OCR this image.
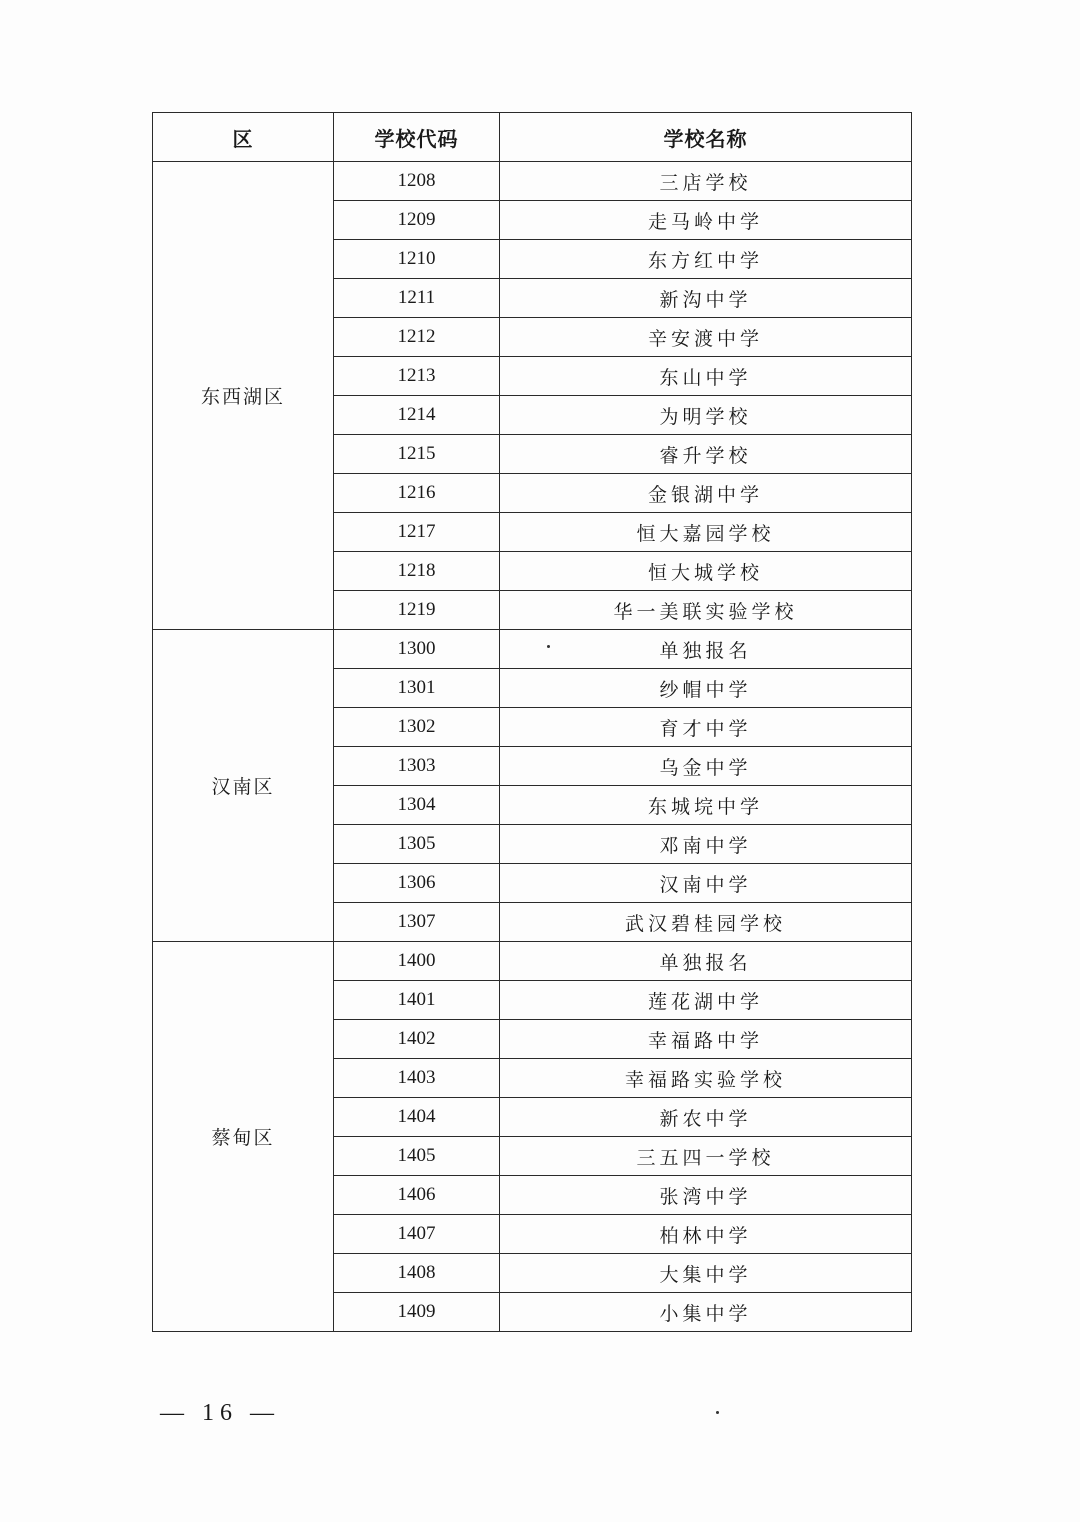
区	学校代码	学校名称
东西湖区	1208	三店学校
	1209	走马岭中学
	1210	东方红中学
	1211	新沟中学
	1212	辛安渡中学
	1213	东山中学
	1214	为明学校
	1215	睿升学校
	1216	金银湖中学
	1217	恒大嘉园学校
	1218	恒大城学校
	1219	华一美联实验学校
汉南区	1300	单独报名
	1301	纱帽中学
	1302	育才中学
	1303	乌金中学
	1304	东城垸中学
	1305	邓南中学
	1306	汉南中学
	1307	武汉碧桂园学校
蔡甸区	1400	单独报名
	1401	莲花湖中学
	1402	幸福路中学
	1403	幸福路实验学校
	1404	新农中学
	1405	三五四一学校
	1406	张湾中学
	1407	柏林中学
	1408	大集中学
	1409	小集中学
— 16 —
